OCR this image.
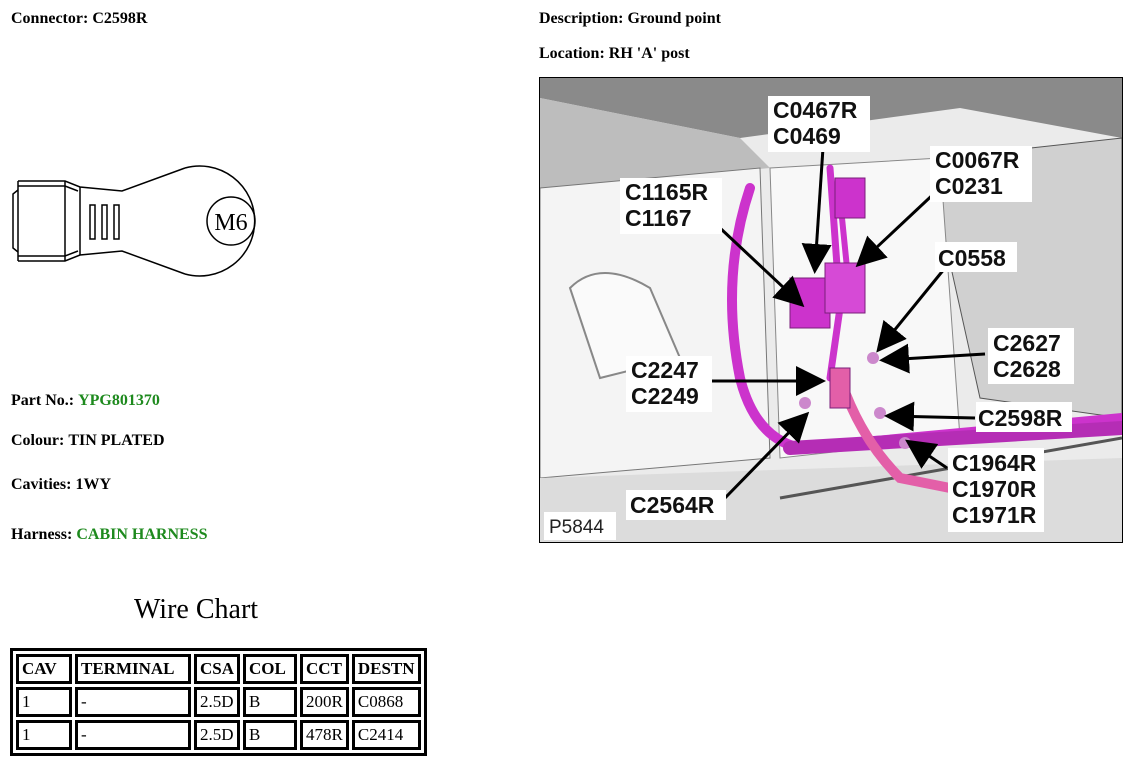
Connector: C2598R	Description: Ground point
Location: RH 'A' post
M6
Part No.: YPG801370
Colour: TIN PLATED
Cavities: 1WY
Harness: CABIN HARNESS
Wire Chart
CAV	TERMINAL	CSA	COL	CCT	DESTN
1	-	2.5D	B	200R	C0868
1	-	2.5D	B	478R	C2414
C0467R
C0469
C0067R
C0231
C1165R
C1167
C0558
C2627
C2628
C2247
C2249
C2598R
C1964R
C1970R
C1971R
C2564R
P5844
